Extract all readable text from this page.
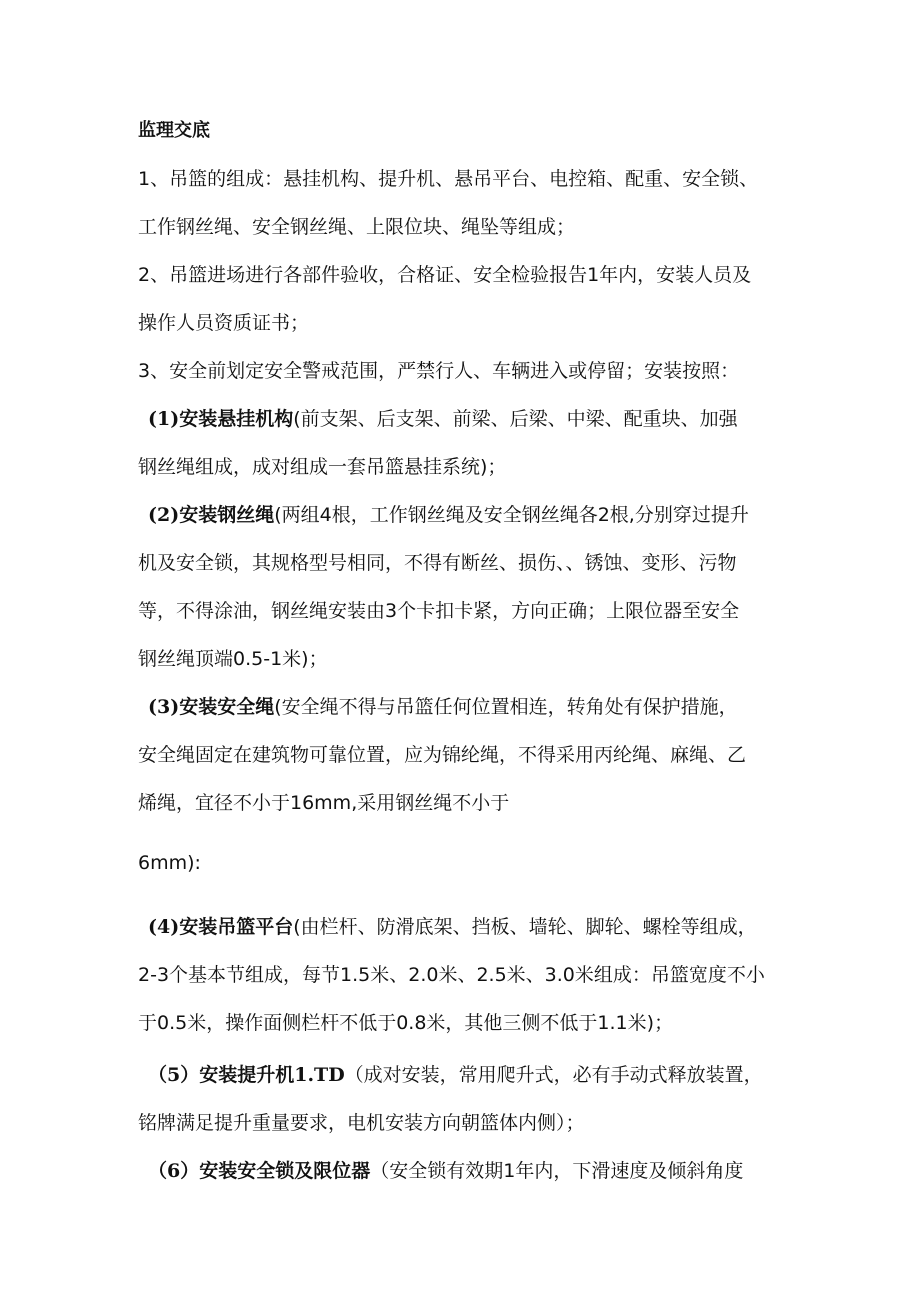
监理交底
1、吊篮的组成：悬挂机构、提升机、悬吊平台、电控箱、配重、安全锁、
工作钢丝绳、安全钢丝绳、上限位块、绳坠等组成；
2、吊篮进场进行各部件验收，合格证、安全检验报告1年内，安装人员及
操作人员资质证书；
3、安全前划定安全警戒范围，严禁行人、车辆进入或停留；安装按照：
(1)安装悬挂机构(前支架、后支架、前梁、后梁、中梁、配重块、加强
钢丝绳组成，成对组成一套吊篮悬挂系统)；
(2)安装钢丝绳(两组4根，工作钢丝绳及安全钢丝绳各2根,分别穿过提升
机及安全锁，其规格型号相同，不得有断丝、损伤、、锈蚀、变形、污物
等，不得涂油，钢丝绳安装由3个卡扣卡紧，方向正确；上限位器至安全
钢丝绳顶端0.5-1米)；
(3)安装安全绳(安全绳不得与吊篮任何位置相连，转角处有保护措施，
安全绳固定在建筑物可靠位置，应为锦纶绳，不得采用丙纶绳、麻绳、乙
烯绳，宜径不小于16mm,采用钢丝绳不小于
6mm):
(4)安装吊篮平台(由栏杆、防滑底架、挡板、墙轮、脚轮、螺栓等组成，
2-3个基本节组成，每节1.5米、2.0米、2.5米、3.0米组成：吊篮宽度不小
于0.5米，操作面侧栏杆不低于0.8米，其他三侧不低于1.1米)；
（5）安装提升机1.TD（成对安装，常用爬升式，必有手动式释放装置，
铭牌满足提升重量要求，电机安装方向朝篮体内侧）；
（6）安装安全锁及限位器（安全锁有效期1年内，下滑速度及倾斜角度
